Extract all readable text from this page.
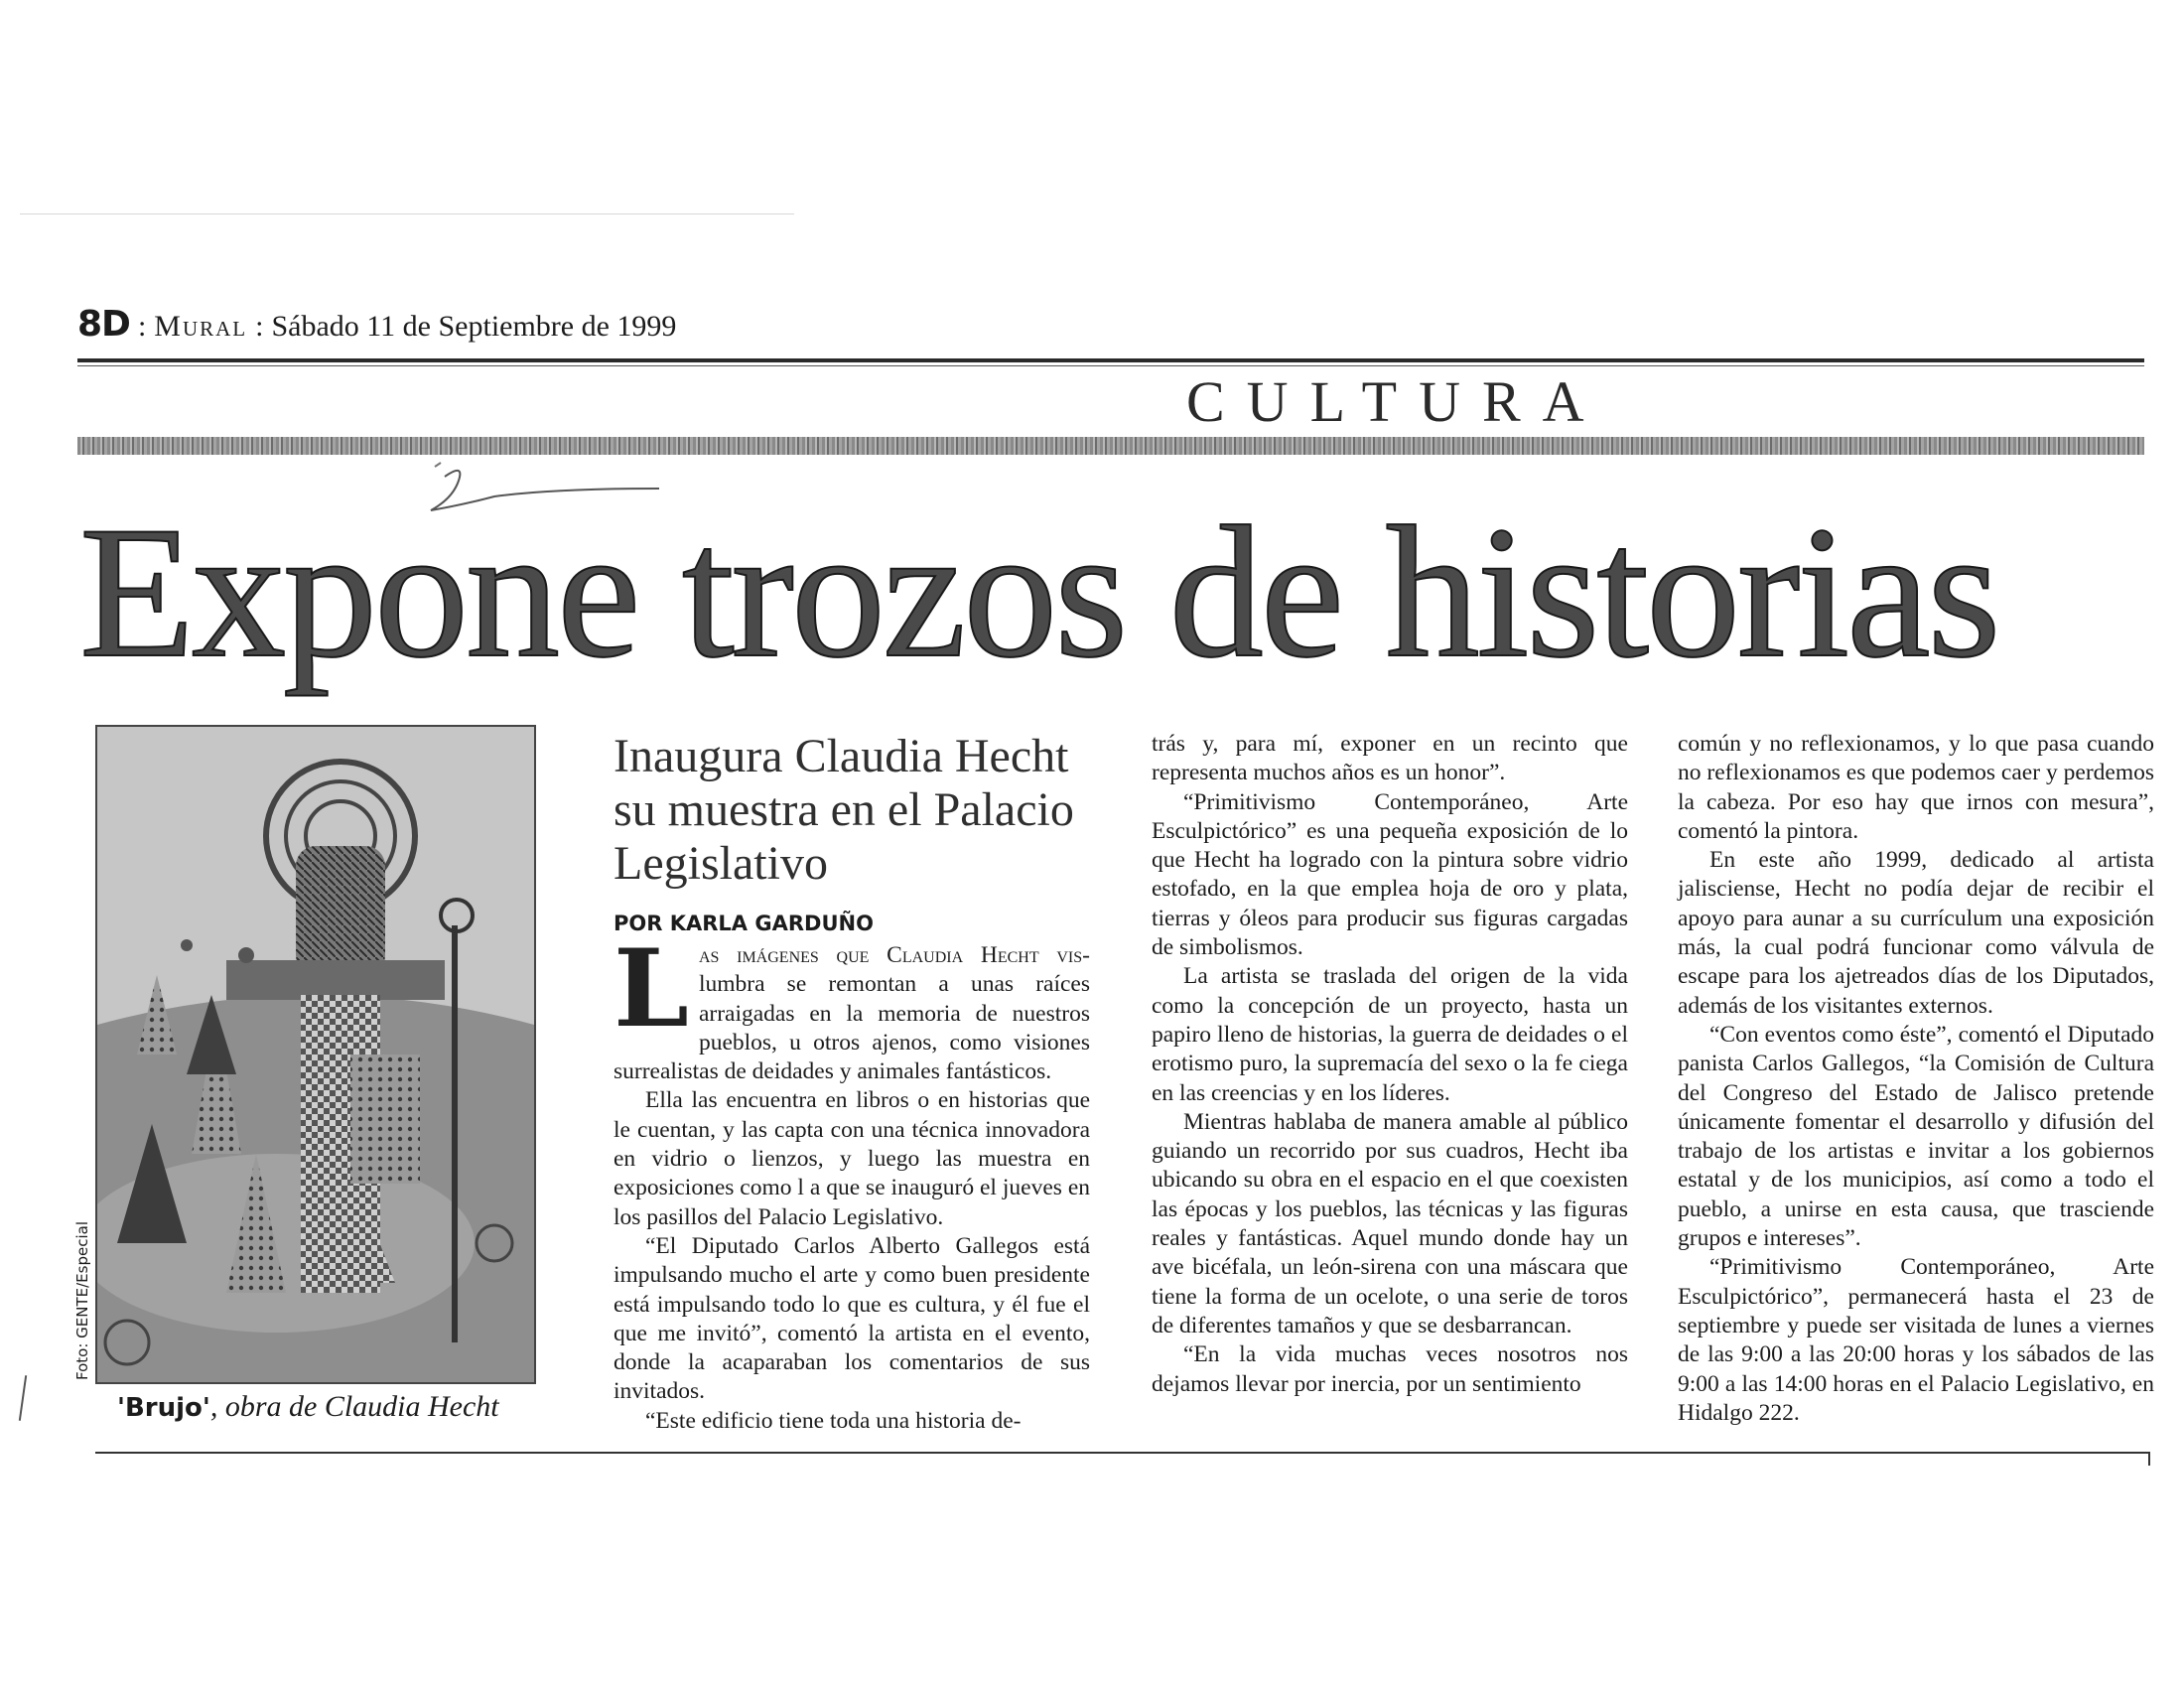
8D : Mural : Sábado 11 de Septiembre de 1999
CULTURA
Expone trozos de historias
Foto: GENTE/Especial
'Brujo', obra de Claudia Hecht
Inaugura Claudia Hecht su muestra en el Palacio Legislativo
POR KARLA GARDUÑO

Las imágenes que Claudia Hecht vis-lumbra se remontan a unas raíces arraigadas en la memoria de nuestros pueblos, u otros ajenos, como visiones surrealistas de deidades y animales fantásticos.

Ella las encuentra en libros o en historias que le cuentan, y las capta con una técnica innovadora en vidrio o lienzos, y luego las muestra en exposiciones como l a que se inauguró el jueves en los pasillos del Palacio Legislativo.

“El Diputado Carlos Alberto Gallegos está impulsando mucho el arte y como buen presidente está impulsando todo lo que es cultura, y él fue el que me invitó”, comentó la artista en el evento, donde la acaparaban los comentarios de sus invitados.

“Este edificio tiene toda una historia de-

trás y, para mí, exponer en un recinto que representa muchos años es un honor”.

“Primitivismo Contemporáneo, Arte Esculpictórico” es una pequeña exposición de lo que Hecht ha logrado con la pintura sobre vidrio estofado, en la que emplea hoja de oro y plata, tierras y óleos para producir sus figuras cargadas de simbolismos.

La artista se traslada del origen de la vida como la concepción de un proyecto, hasta un papiro lleno de historias, la guerra de deidades o el erotismo puro, la supremacía del sexo o la fe ciega en las creencias y en los líderes.

Mientras hablaba de manera amable al público guiando un recorrido por sus cuadros, Hecht iba ubicando su obra en el espacio en el que coexisten las épocas y los pueblos, las técnicas y las figuras reales y fantásticas. Aquel mundo donde hay un ave bicéfala, un león-sirena con una máscara que tiene la forma de un ocelote, o una serie de toros de diferentes tamaños y que se desbarrancan.

“En la vida muchas veces nosotros nos dejamos llevar por inercia, por un sentimiento

común y no reflexionamos, y lo que pasa cuando no reflexionamos es que podemos caer y perdemos la cabeza. Por eso hay que irnos con mesura”, comentó la pintora.

En este año 1999, dedicado al artista jalisciense, Hecht no podía dejar de recibir el apoyo para aunar a su currículum una exposición más, la cual podrá funcionar como válvula de escape para los ajetreados días de los Diputados, además de los visitantes externos.

“Con eventos como éste”, comentó el Diputado panista Carlos Gallegos, “la Comisión de Cultura del Congreso del Estado de Jalisco pretende únicamente fomentar el desarrollo y difusión del trabajo de los artistas e invitar a los gobiernos estatal y de los municipios, así como a todo el pueblo, a unirse en esta causa, que trasciende grupos e intereses”.

“Primitivismo Contemporáneo, Arte Esculpictórico”, permanecerá hasta el 23 de septiembre y puede ser visitada de lunes a viernes de las 9:00 a las 20:00 horas y los sábados de las 9:00 a las 14:00 horas en el Palacio Legislativo, en Hidalgo 222.
